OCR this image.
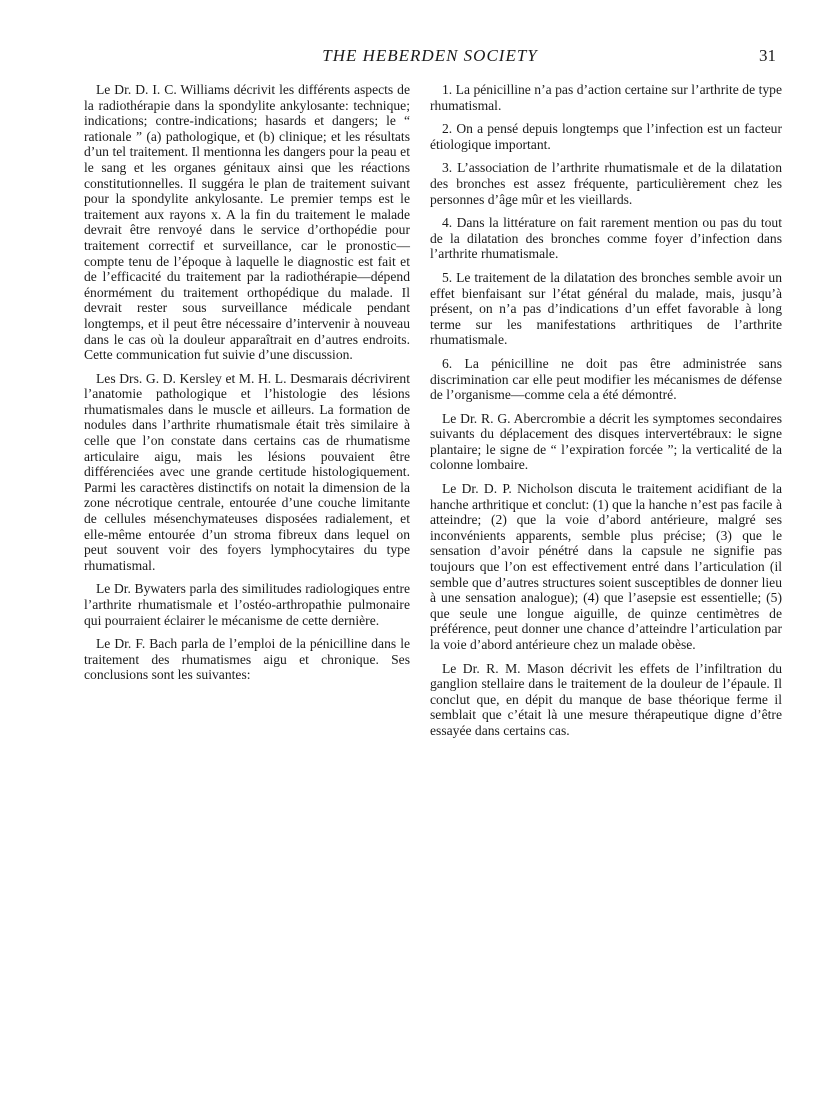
THE HEBERDEN SOCIETY	31

Le Dr. D. I. C. Williams décrivit les différents aspects de la radiothérapie dans la spondylite ankylosante: technique; indications; contre-indications; hasards et dangers; le “ rationale ” (a) pathologique, et (b) clinique; et les résultats d’un tel traitement. Il mentionna les dangers pour la peau et le sang et les organes génitaux ainsi que les réactions constitutionnelles. Il suggéra le plan de traitement suivant pour la spondylite ankylosante. Le premier temps est le traitement aux rayons x. A la fin du traitement le malade devrait être renvoyé dans le service d’orthopédie pour traitement correctif et surveillance, car le pronostic—compte tenu de l’époque à laquelle le diagnostic est fait et de l’efficacité du traitement par la radiothérapie—dépend énormément du traitement orthopédique du malade. Il devrait rester sous surveillance médicale pendant longtemps, et il peut être nécessaire d’intervenir à nouveau dans le cas où la douleur apparaîtrait en d’autres endroits. Cette communication fut suivie d’une discussion.

Les Drs. G. D. Kersley et M. H. L. Desmarais décrivirent l’anatomie pathologique et l’histologie des lésions rhumatismales dans le muscle et ailleurs. La formation de nodules dans l’arthrite rhumatismale était très similaire à celle que l’on constate dans certains cas de rhumatisme articulaire aigu, mais les lésions pouvaient être différenciées avec une grande certitude histologiquement. Parmi les caractères distinctifs on notait la dimension de la zone nécrotique centrale, entourée d’une couche limitante de cellules mésenchymateuses disposées radialement, et elle-même entourée d’un stroma fibreux dans lequel on peut souvent voir des foyers lymphocytaires du type rhumatismal.

Le Dr. Bywaters parla des similitudes radiologiques entre l’arthrite rhumatismale et l’ostéo-arthropathie pulmonaire qui pourraient éclairer le mécanisme de cette dernière.

Le Dr. F. Bach parla de l’emploi de la pénicilline dans le traitement des rhumatismes aigu et chronique. Ses conclusions sont les suivantes:

1. La pénicilline n’a pas d’action certaine sur l’arthrite de type rhumatismal.

2. On a pensé depuis longtemps que l’infection est un facteur étiologique important.

3. L’association de l’arthrite rhumatismale et de la dilatation des bronches est assez fréquente, particulièrement chez les personnes d’âge mûr et les vieillards.

4. Dans la littérature on fait rarement mention ou pas du tout de la dilatation des bronches comme foyer d’infection dans l’arthrite rhumatismale.

5. Le traitement de la dilatation des bronches semble avoir un effet bienfaisant sur l’état général du malade, mais, jusqu’à présent, on n’a pas d’indications d’un effet favorable à long terme sur les manifestations arthritiques de l’arthrite rhumatismale.

6. La pénicilline ne doit pas être administrée sans discrimination car elle peut modifier les mécanismes de défense de l’organisme—comme cela a été démontré.

Le Dr. R. G. Abercrombie a décrit les symptomes secondaires suivants du déplacement des disques intervertébraux: le signe plantaire; le signe de “ l’expiration forcée ”; la verticalité de la colonne lombaire.

Le Dr. D. P. Nicholson discuta le traitement acidifiant de la hanche arthritique et conclut: (1) que la hanche n’est pas facile à atteindre; (2) que la voie d’abord antérieure, malgré ses inconvénients apparents, semble plus précise; (3) que le sensation d’avoir pénétré dans la capsule ne signifie pas toujours que l’on est effectivement entré dans l’articulation (il semble que d’autres structures soient susceptibles de donner lieu à une sensation analogue); (4) que l’asepsie est essentielle; (5) que seule une longue aiguille, de quinze centimètres de préférence, peut donner une chance d’atteindre l’articulation par la voie d’abord antérieure chez un malade obèse.

Le Dr. R. M. Mason décrivit les effets de l’infiltration du ganglion stellaire dans le traitement de la douleur de l’épaule. Il conclut que, en dépit du manque de base théorique ferme il semblait que c’était là une mesure thérapeutique digne d’être essayée dans certains cas.
